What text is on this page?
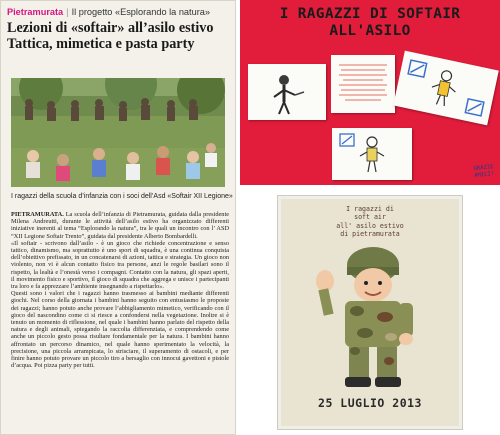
Pietramurata | Il progetto «Esplorando la natura»
Lezioni di «softair» all’asilo estivo
Tattica, mimetica e pasta party
I ragazzi della scuola d’infanzia con i soci dell’Asd «Softair XII Legione»

PIETRAMURATA. La scuola dell’infanzia di Pietramurata, guidata dalla presidente Milena Andreutti, durante le attività dell’asilo estivo ha organizzato differenti iniziative inerenti al tema “Esplorando la natura”, tra le quali un incontro con l’ ASD “XII Legione Softair Trento”, guidata dal presidente Alberto Bombardelli.

«Il softair - scrivono dall’asilo - è un gioco che richiede concentrazione e senso tattico, dinamismo, ma soprattutto è uno sport di squadra, è una continua conquista dell’obiettivo prefissato, in un concatenarsi di azioni, tattica e strategia. Un gioco non violento, non vi è alcun contatto fisico tra persone, anzi le regole basilari sono il rispetto, la lealtà e l’onestà verso i compagni. Contatto con la natura, gli spazi aperti, il movimento fisico e sportivo, il gioco di squadra che aggrega e unisce i partecipanti tra loro e fa apprezzare l’ambiente insegnando a rispettarlo».

Questi sono i valori che i ragazzi hanno trasmesso ai bambini mediante differenti giochi. Nel corso della giornata i bambini hanno seguito con entusiasmo le proposte dei ragazzi; hanno potuto anche provare l’abbigliamento mimetico, verificando con il gioco del nascondino come ci si riesce a confondersi nella vegetazione. Inoltre si è tenuto un momento di riflessione, nel quale i bambini hanno parlato del rispetto della natura e degli animali, spiegando la raccolta differenziata, e comprendendo come anche un piccolo gesto possa risultare fondamentale per la natura. I bambini hanno affrontato un percorso dinamico, nel quale hanno sperimentato la velocità, la precisione, una piccola arrampicata, lo strisciare, il superamento di ostacoli, e per finire hanno potuto provare un piccolo tiro a bersaglio con innocui gavettoni e pistole d’acqua. Poi pizza party per tutti.

I RAGAZZI DI SOFTAIR
ALL'ASILO
GRAZIE
AMICI!
I ragazzi di
soft air
all' asilo estivo
di pietramurata
25 LUGLIO 2013
